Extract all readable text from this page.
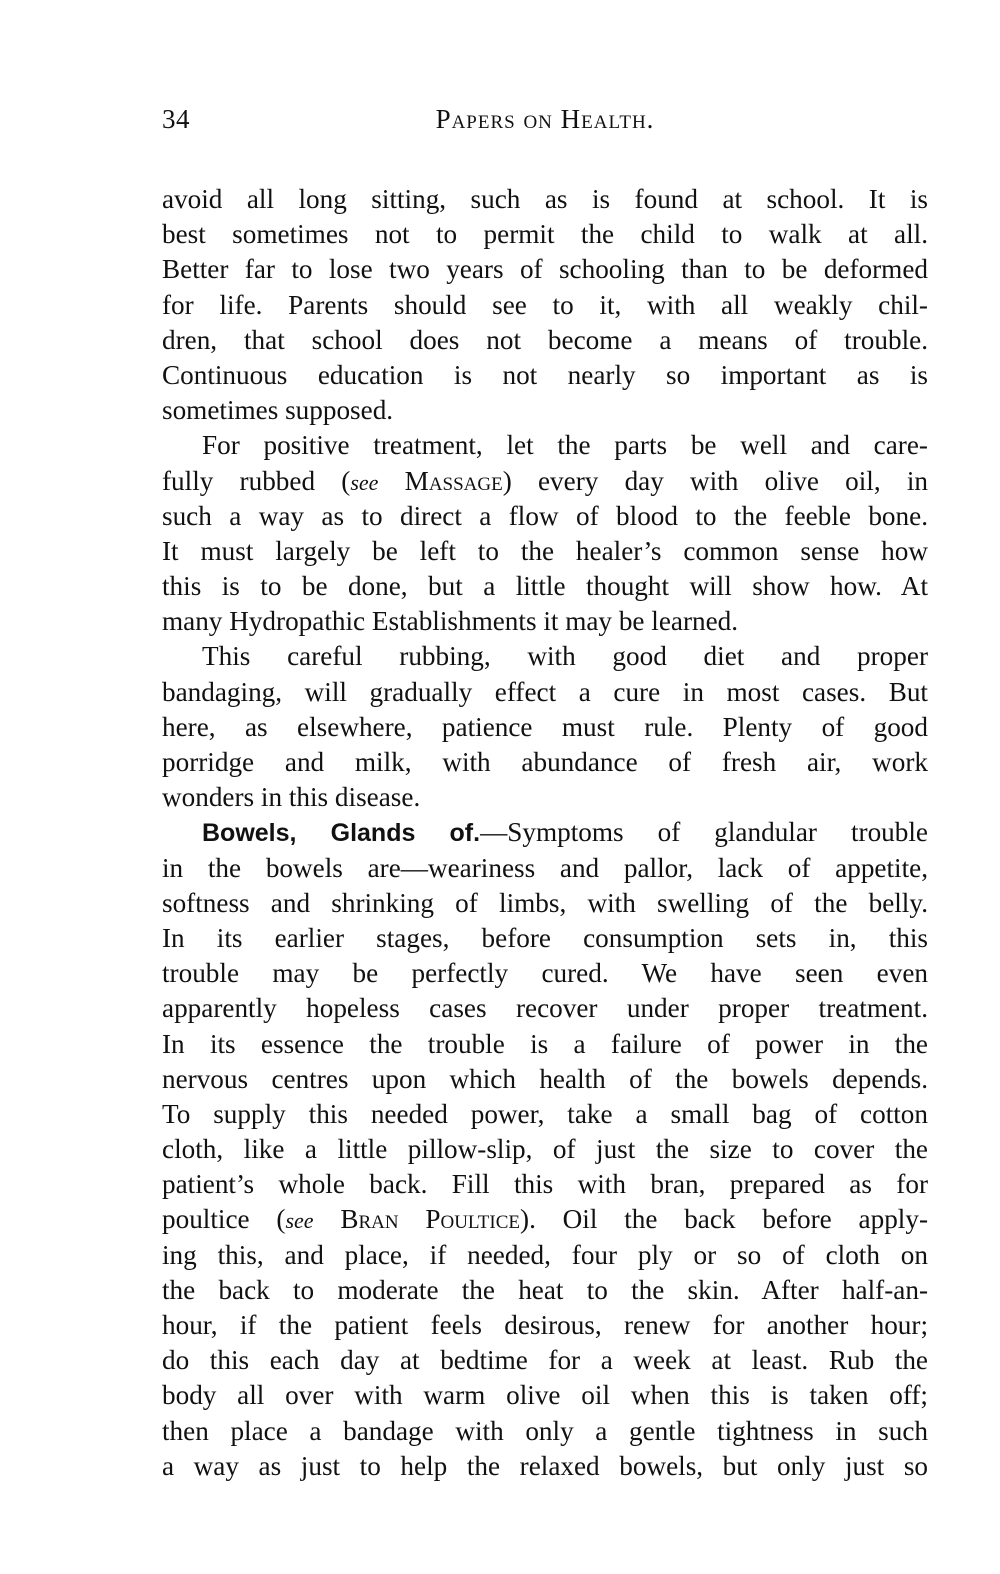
34	Papers on Health.
avoid all long sitting, such as is found at school. It is
best sometimes not to permit the child to walk at all.
Better far to lose two years of schooling than to be deformed
for life. Parents should see to it, with all weakly chil-
dren, that school does not become a means of trouble.
Continuous education is not nearly so important as is
sometimes supposed.
For positive treatment, let the parts be well and care-
fully rubbed (see Massage) every day with olive oil, in
such a way as to direct a flow of blood to the feeble bone.
It must largely be left to the healer’s common sense how
this is to be done, but a little thought will show how. At
many Hydropathic Establishments it may be learned.
This careful rubbing, with good diet and proper
bandaging, will gradually effect a cure in most cases. But
here, as elsewhere, patience must rule. Plenty of good
porridge and milk, with abundance of fresh air, work
wonders in this disease.
Bowels, Glands of.—Symptoms of glandular trouble
in the bowels are—weariness and pallor, lack of appetite,
softness and shrinking of limbs, with swelling of the belly.
In its earlier stages, before consumption sets in, this
trouble may be perfectly cured. We have seen even
apparently hopeless cases recover under proper treatment.
In its essence the trouble is a failure of power in the
nervous centres upon which health of the bowels depends.
To supply this needed power, take a small bag of cotton
cloth, like a little pillow-slip, of just the size to cover the
patient’s whole back. Fill this with bran, prepared as for
poultice (see Bran Poultice). Oil the back before apply-
ing this, and place, if needed, four ply or so of cloth on
the back to moderate the heat to the skin. After half-an-
hour, if the patient feels desirous, renew for another hour;
do this each day at bedtime for a week at least. Rub the
body all over with warm olive oil when this is taken off;
then place a bandage with only a gentle tightness in such
a way as just to help the relaxed bowels, but only just so
